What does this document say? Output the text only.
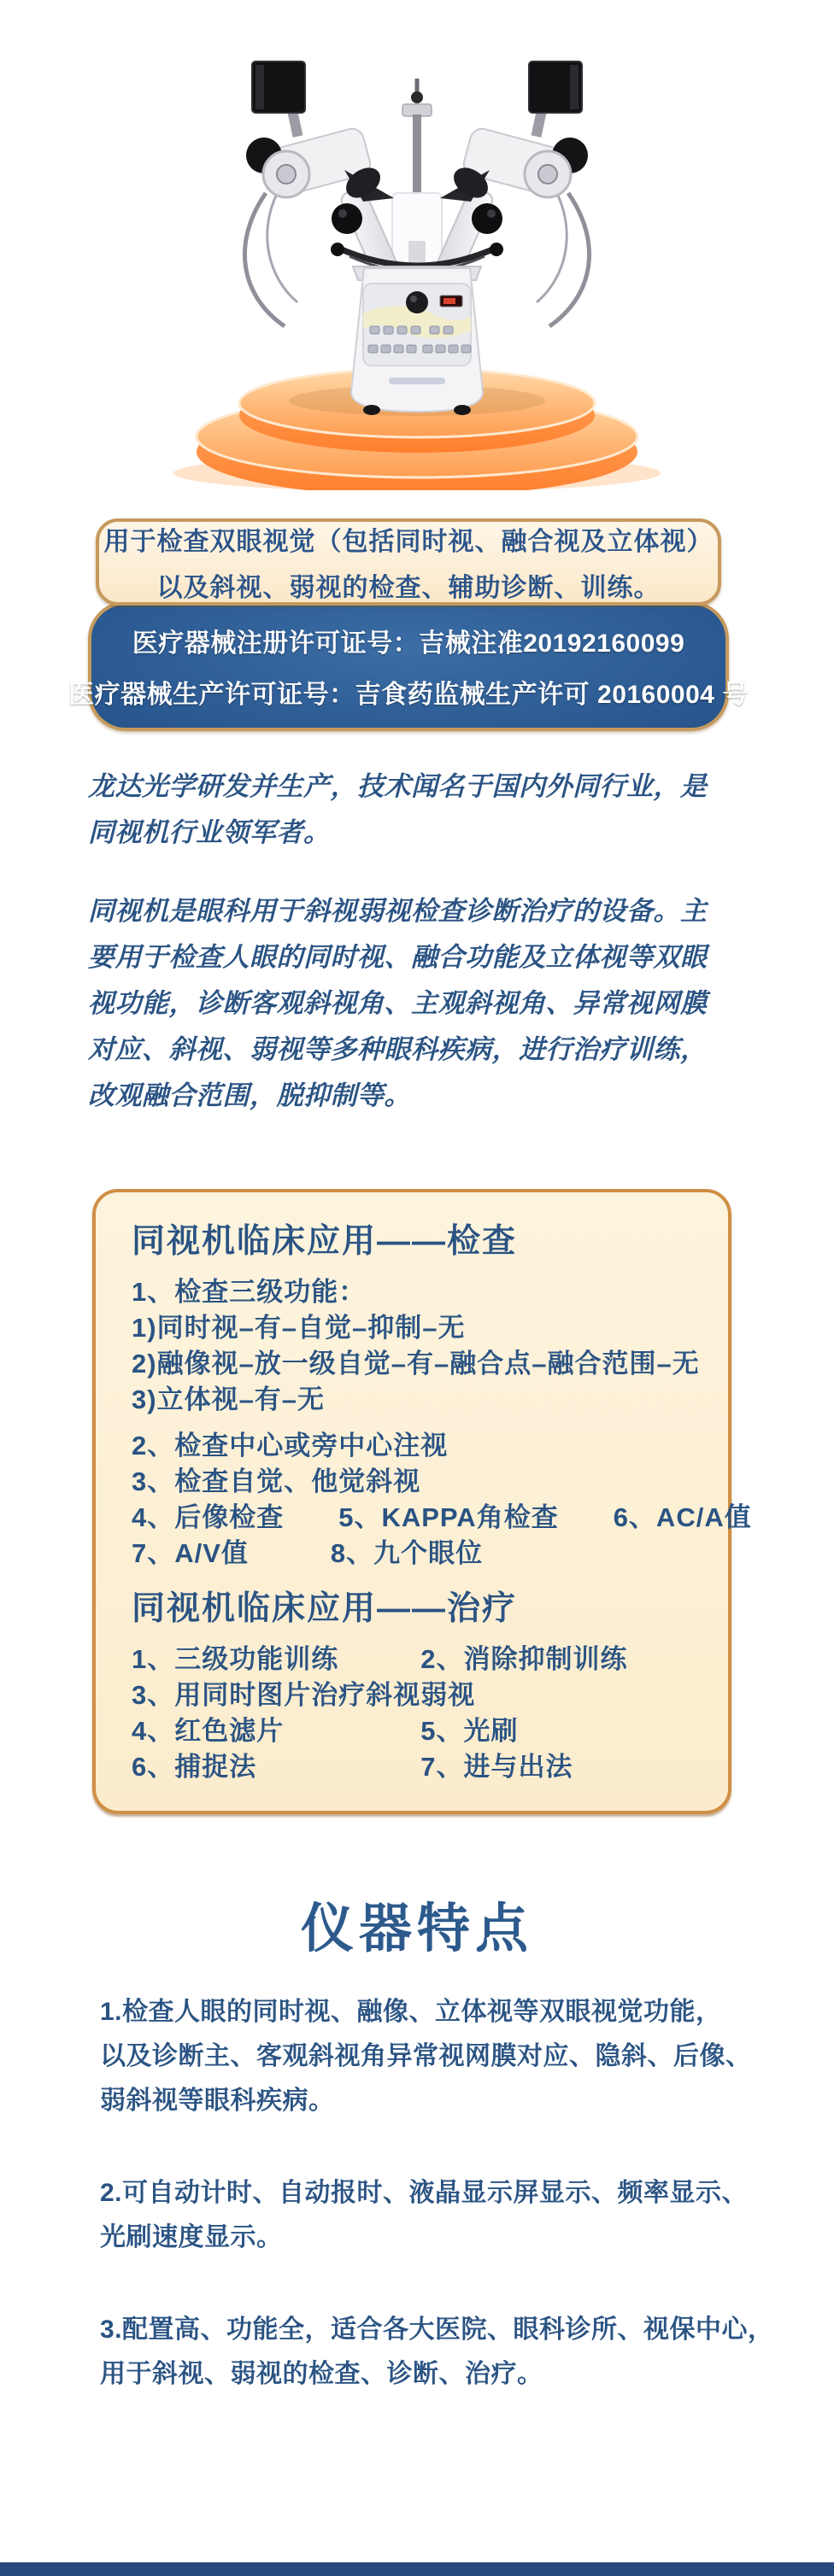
用于检查双眼视觉（包括同时视、融合视及立体视）
以及斜视、弱视的检查、辅助诊断、训练。
医疗器械注册许可证号：吉械注准20192160099
医疗器械生产许可证号：吉食药监械生产许可 20160004 号
龙达光学研发并生产，技术闻名于国内外同行业，是
同视机行业领军者。
同视机是眼科用于斜视弱视检查诊断治疗的设备。主
要用于检查人眼的同时视、融合功能及立体视等双眼
视功能，诊断客观斜视角、主观斜视角、异常视网膜
对应、斜视、弱视等多种眼科疾病，进行治疗训练，
改观融合范围，脱抑制等。
同视机临床应用——检查
1、检查三级功能：
1)同时视–有–自觉–抑制–无
2)融像视–放一级自觉–有–融合点–融合范围–无
3)立体视–有–无
2、检查中心或旁中心注视
3、检查自觉、他觉斜视
4、后像检查　　5、KAPPA角检查　　6、AC/A值
7、A/V值　　　8、九个眼位
同视机临床应用——治疗
1、三级功能训练　　　2、消除抑制训练
3、用同时图片治疗斜视弱视
4、红色滤片　　　　　5、光刷
6、捕捉法　　　　　　7、进与出法
仪器特点
1.检查人眼的同时视、融像、立体视等双眼视觉功能，
以及诊断主、客观斜视角异常视网膜对应、隐斜、后像、
弱斜视等眼科疾病。
2.可自动计时、自动报时、液晶显示屏显示、频率显示、
光刷速度显示。
3.配置高、功能全，适合各大医院、眼科诊所、视保中心，
用于斜视、弱视的检查、诊断、治疗。
